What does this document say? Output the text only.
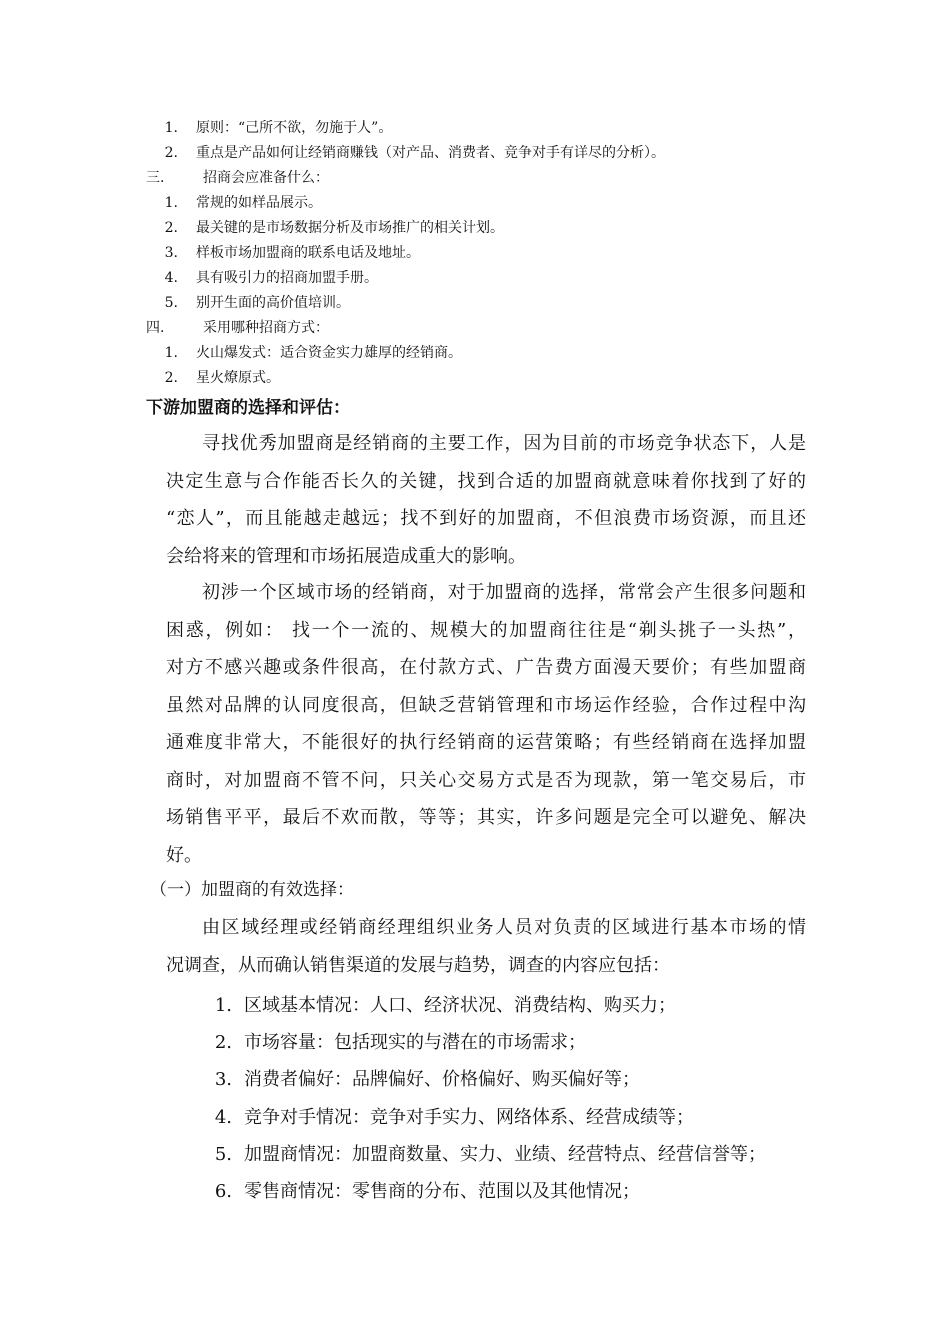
1. 原则：“己所不欲，勿施于人”。
2. 重点是产品如何让经销商赚钱（对产品、消费者、竞争对手有详尽的分析）。
三.	招商会应准备什么：
1. 常规的如样品展示。
2. 最关键的是市场数据分析及市场推广的相关计划。
3. 样板市场加盟商的联系电话及地址。
4. 具有吸引力的招商加盟手册。
5. 别开生面的高价值培训。
四.	采用哪种招商方式：
1. 火山爆发式：适合资金实力雄厚的经销商。
2. 星火燎原式。
下游加盟商的选择和评估：
寻找优秀加盟商是经销商的主要工作，因为目前的市场竞争状态下，人是
决定生意与合作能否长久的关键，找到合适的加盟商就意味着你找到了好的
“恋人”，而且能越走越远；找不到好的加盟商，不但浪费市场资源，而且还
会给将来的管理和市场拓展造成重大的影响。
初涉一个区域市场的经销商，对于加盟商的选择，常常会产生很多问题和
困惑，例如： 找一个一流的、规模大的加盟商往往是“剃头挑子一头热”，
对方不感兴趣或条件很高，在付款方式、广告费方面漫天要价；有些加盟商
虽然对品牌的认同度很高，但缺乏营销管理和市场运作经验，合作过程中沟
通难度非常大，不能很好的执行经销商的运营策略；有些经销商在选择加盟
商时，对加盟商不管不问，只关心交易方式是否为现款，第一笔交易后，市
场销售平平，最后不欢而散，等等；其实，许多问题是完全可以避免、解决
好。
（一）加盟商的有效选择：
由区域经理或经销商经理组织业务人员对负责的区域进行基本市场的情
况调查，从而确认销售渠道的发展与趋势，调查的内容应包括：
1. 区域基本情况：人口、经济状况、消费结构、购买力；
2. 市场容量：包括现实的与潜在的市场需求；
3. 消费者偏好：品牌偏好、价格偏好、购买偏好等；
4. 竞争对手情况：竞争对手实力、网络体系、经营成绩等；
5. 加盟商情况：加盟商数量、实力、业绩、经营特点、经营信誉等；
6. 零售商情况：零售商的分布、范围以及其他情况；
